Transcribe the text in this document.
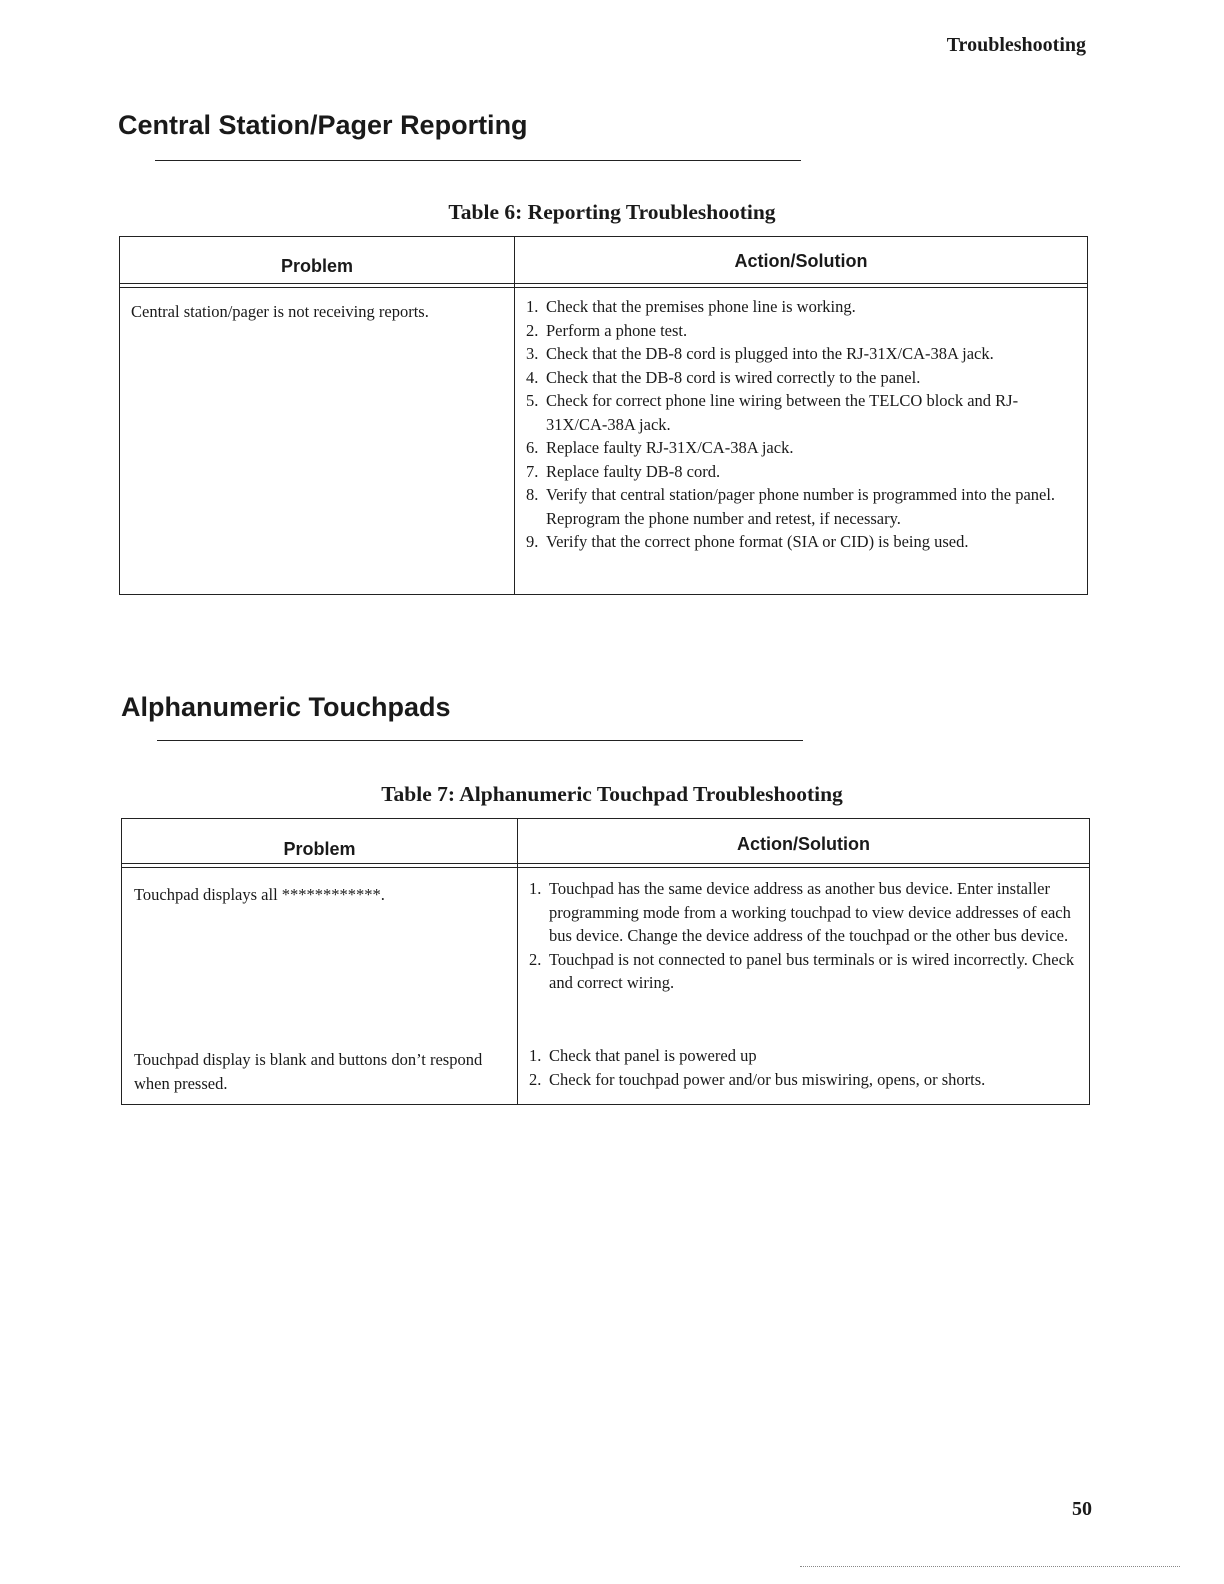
Troubleshooting
Central Station/Pager Reporting
Table 6: Reporting Troubleshooting
Problem	Action/Solution
Central station/pager is not receiving reports.	1. Check that the premises phone line is working.
2. Perform a phone test.
3. Check that the DB-8 cord is plugged into the RJ-31X/CA-38A jack.
4. Check that the DB-8 cord is wired correctly to the panel.
5. Check for correct phone line wiring between the TELCO block and RJ-31X/CA-38A jack.
6. Replace faulty RJ-31X/CA-38A jack.
7. Replace faulty DB-8 cord.
8. Verify that central station/pager phone number is programmed into the panel. Reprogram the phone number and retest, if necessary.
9. Verify that the correct phone format (SIA or CID) is being used.
Alphanumeric Touchpads
Table 7: Alphanumeric Touchpad Troubleshooting
Problem	Action/Solution
Touchpad displays all ************.	1. Touchpad has the same device address as another bus device. Enter installer programming mode from a working touchpad to view device addresses of each bus device. Change the device address of the touchpad or the other bus device.
2. Touchpad is not connected to panel bus terminals or is wired incorrectly. Check and correct wiring.
Touchpad display is blank and buttons don’t respond when pressed.
1. Check that panel is powered up
2. Check for touchpad power and/or bus miswiring, opens, or shorts.
50
